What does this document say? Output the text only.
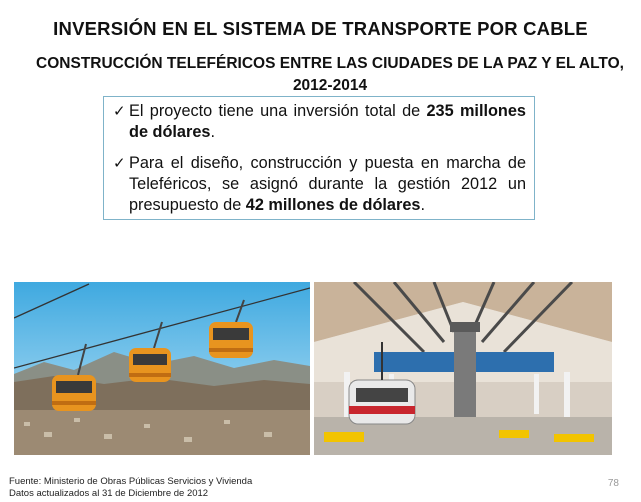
INVERSIÓN EN EL SISTEMA DE TRANSPORTE POR CABLE
CONSTRUCCIÓN TELEFÉRICOS ENTRE LAS CIUDADES DE LA PAZ Y EL ALTO,
2012-2014
✓ El proyecto tiene una inversión total de 235 millones de dólares.
✓ Para el diseño, construcción y puesta en marcha de Teleféricos, se asignó durante la gestión 2012 un presupuesto de 42 millones de dólares.
Fuente: Ministerio de Obras Públicas Servicios y Vivienda
Datos actualizados al 31 de Diciembre de 2012
78
